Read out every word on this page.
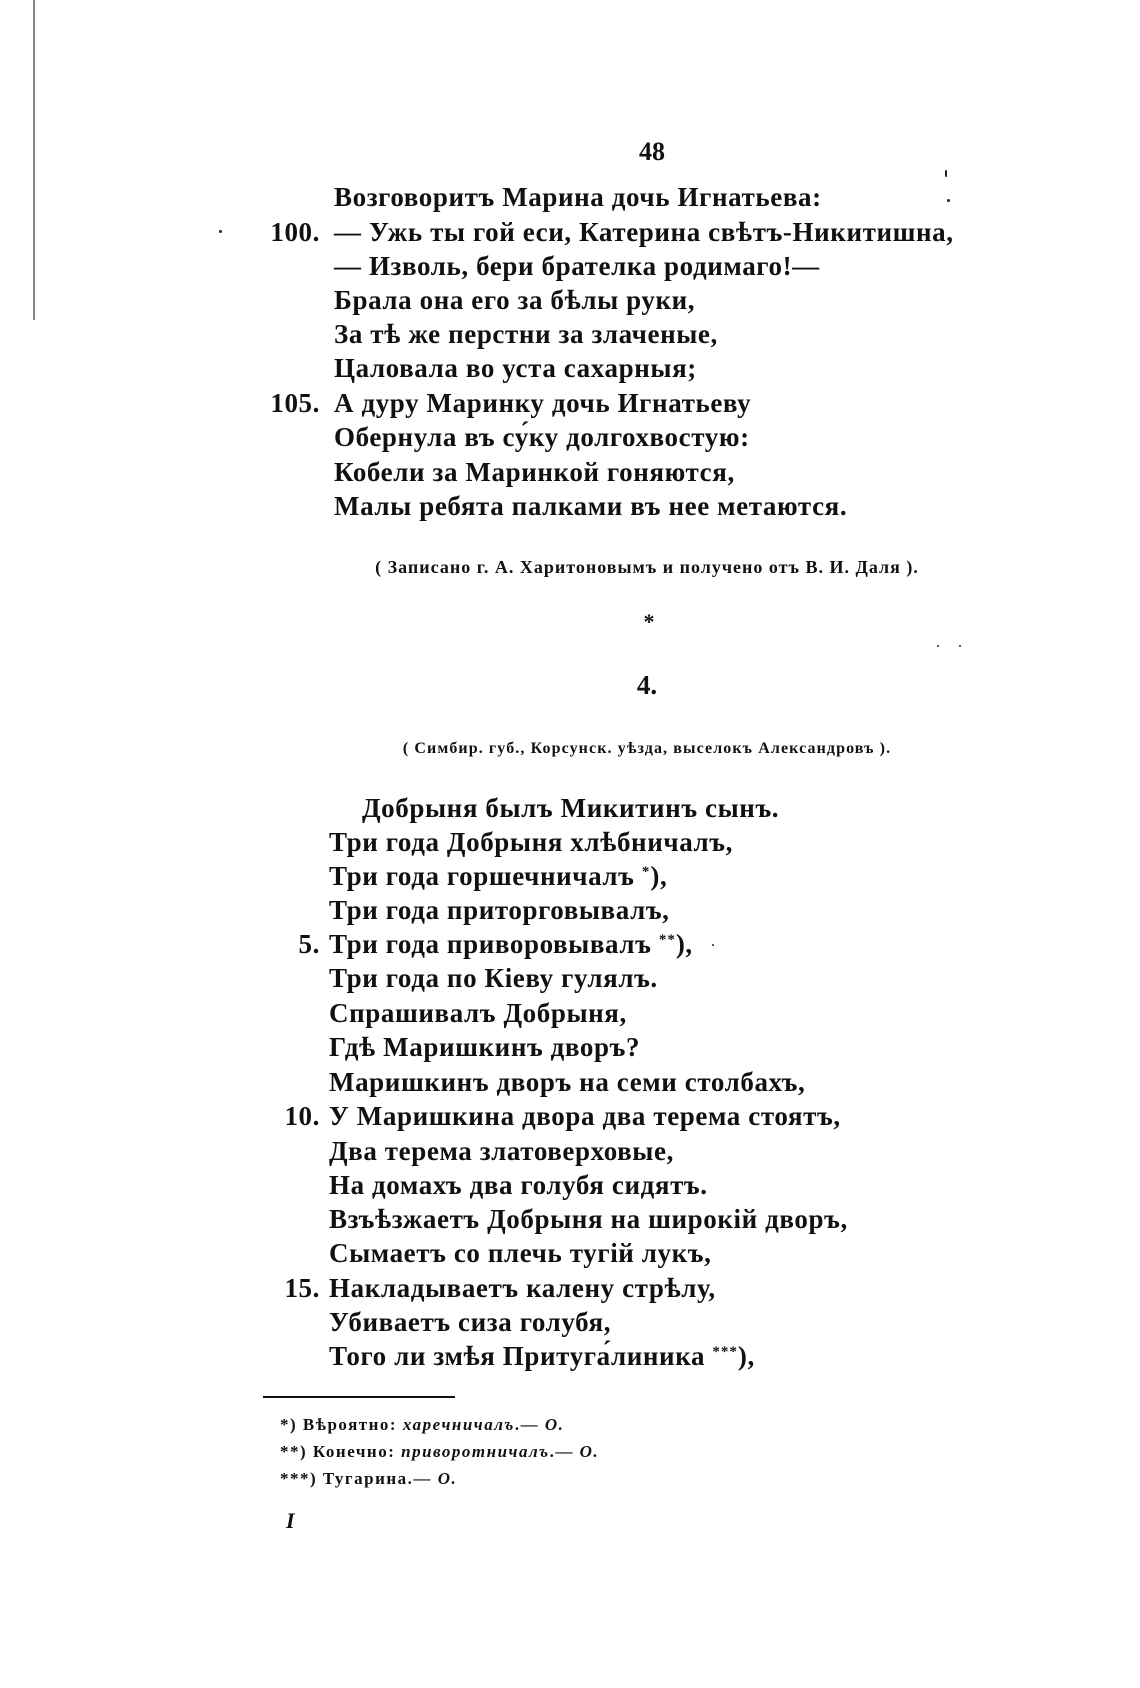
48
Возговоритъ Марина дочь Игнатьева:
100. — Ужь ты гой еси, Катерина свѣтъ-Никитишна,
— Изволь, бери брателка родимаго!—
Брала она его за бѣлы руки,
За тѣ же перстни за злаченые,
Цаловала во уста сахарныя;
105. А дуру Маринку дочь Игнатьеву
Обернула въ су́ку долгохвостую:
Кобели за Маринкой гоняются,
Малы ребята палками въ нее метаются.
( Записано г. А. Харитоновымъ и получено отъ В. И. Даля ).
*
4.
( Симбир. губ., Корсунск. уѣзда, выселокъ Александровъ ).
Добрыня былъ Микитинъ сынъ.
Три года Добрыня хлѣбничалъ,
Три года горшечничалъ *),
Три года приторговывалъ,
5. Три года приворовывалъ **),
Три года по Кіеву гулялъ.
Спрашивалъ Добрыня,
Гдѣ Маришкинъ дворъ?
Маришкинъ дворъ на семи столбахъ,
10. У Маришкина двора два терема стоятъ,
Два терема златоверховые,
На домахъ два голубя сидятъ.
Взъѣзжаетъ Добрыня на широкій дворъ,
Сымаетъ со плечь тугій лукъ,
15. Накладываетъ калену стрѣлу,
Убиваетъ сиза голубя,
Того ли змѣя Притуга́линика ***),
*) Вѣроятно: харечничалъ.— О.
**) Конечно: приворотничалъ.— О.
***) Тугарина.— О.
I
